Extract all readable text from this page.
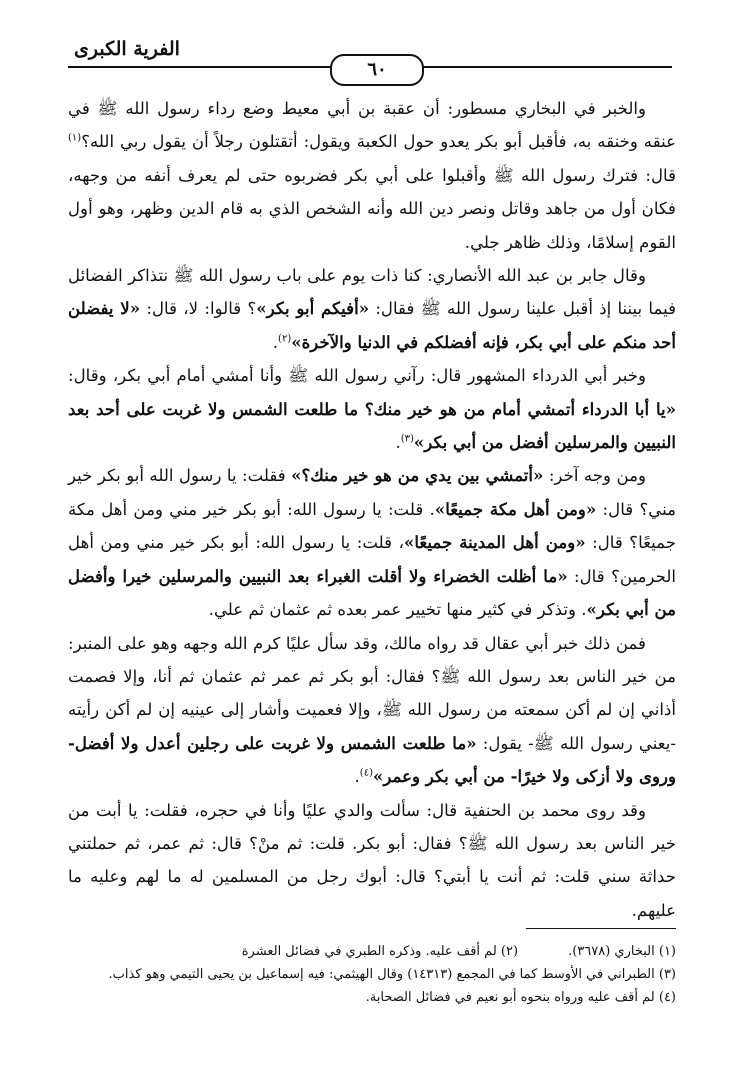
الفرية الكبرى
٦٠

والخبر في البخاري مسطور: أن عقبة بن أبي معيط وضع رداء رسول الله ﷺ في عنقه وخنقه به، فأقبل أبو بكر يعدو حول الكعبة ويقول: أتقتلون رجلاً أن يقول ربي الله؟$^{(١)}$ قال: فترك رسول الله ﷺ وأقبلوا على أبي بكر فضربوه حتى لم يعرف أنفه من وجهه، فكان أول من جاهد وقاتل ونصر دين الله وأنه الشخص الذي به قام الدين وظهر، وهو أول القوم إسلامًا، وذلك ظاهر جلي.

وقال جابر بن عبد الله الأنصاري: كنا ذات يوم على باب رسول الله ﷺ نتذاكر الفضائل فيما بيننا إذ أقبل علينا رسول الله ﷺ فقال: «أفيكم أبو بكر»؟ قالوا: لا، قال: «لا يفضلن أحد منكم على أبي بكر، فإنه أفضلكم في الدنيا والآخرة»$^{(٢)}$.

وخبر أبي الدرداء المشهور قال: رآني رسول الله ﷺ وأنا أمشي أمام أبي بكر، وقال: «يا أبا الدرداء أتمشي أمام من هو خير منك؟ ما طلعت الشمس ولا غربت على أحد بعد النبيين والمرسلين أفضل من أبي بكر»$^{(٣)}$.

ومن وجه آخر: «أتمشي بين يدي من هو خير منك؟» فقلت: يا رسول الله أبو بكر خير مني؟ قال: «ومن أهل مكة جميعًا». قلت: يا رسول الله: أبو بكر خير مني ومن أهل مكة جميعًا؟ قال: «ومن أهل المدينة جميعًا»، قلت: يا رسول الله: أبو بكر خير مني ومن أهل الحرمين؟ قال: «ما أظلت الخضراء ولا أقلت الغبراء بعد النبيين والمرسلين خيرا وأفضل من أبي بكر». وتذكر في كثير منها تخيير عمر بعده ثم عثمان ثم علي.

فمن ذلك خبر أبي عقال قد رواه مالك، وقد سأل عليًا كرم الله وجهه وهو على المنبر: من خير الناس بعد رسول الله ﷺ؟ فقال: أبو بكر ثم عمر ثم عثمان ثم أنا، وإلا فصمت أذاني إن لم أكن سمعته من رسول الله ﷺ، وإلا فعميت وأشار إلى عينيه إن لم أكن رأيته -يعني رسول الله ﷺ- يقول: «ما طلعت الشمس ولا غربت على رجلين أعدل ولا أفضل-وروى ولا أزكى ولا خيرًا- من أبي بكر وعمر»$^{(٤)}$.

وقد روى محمد بن الحنفية قال: سألت والدي عليًا وأنا في حجره، فقلت: يا أبت من خير الناس بعد رسول الله ﷺ؟ فقال: أبو بكر. قلت: ثم منْ؟ قال: ثم عمر، ثم حملتني حداثة سني قلت: ثم أنت يا أبتي؟ قال: أبوك رجل من المسلمين له ما لهم وعليه ما عليهم.

(١) البخاري (٣٦٧٨).
(٢) لم أقف عليه. وذكره الطبري في فضائل العشرة
(٣) الطبراني في الأوسط كما في المجمع (١٤٣١٣) وقال الهيثمي: فيه إسماعيل بن يحيى التيمي وهو كذاب.
(٤) لم أقف عليه ورواه بنحوه أبو نعيم في فضائل الصحابة.
